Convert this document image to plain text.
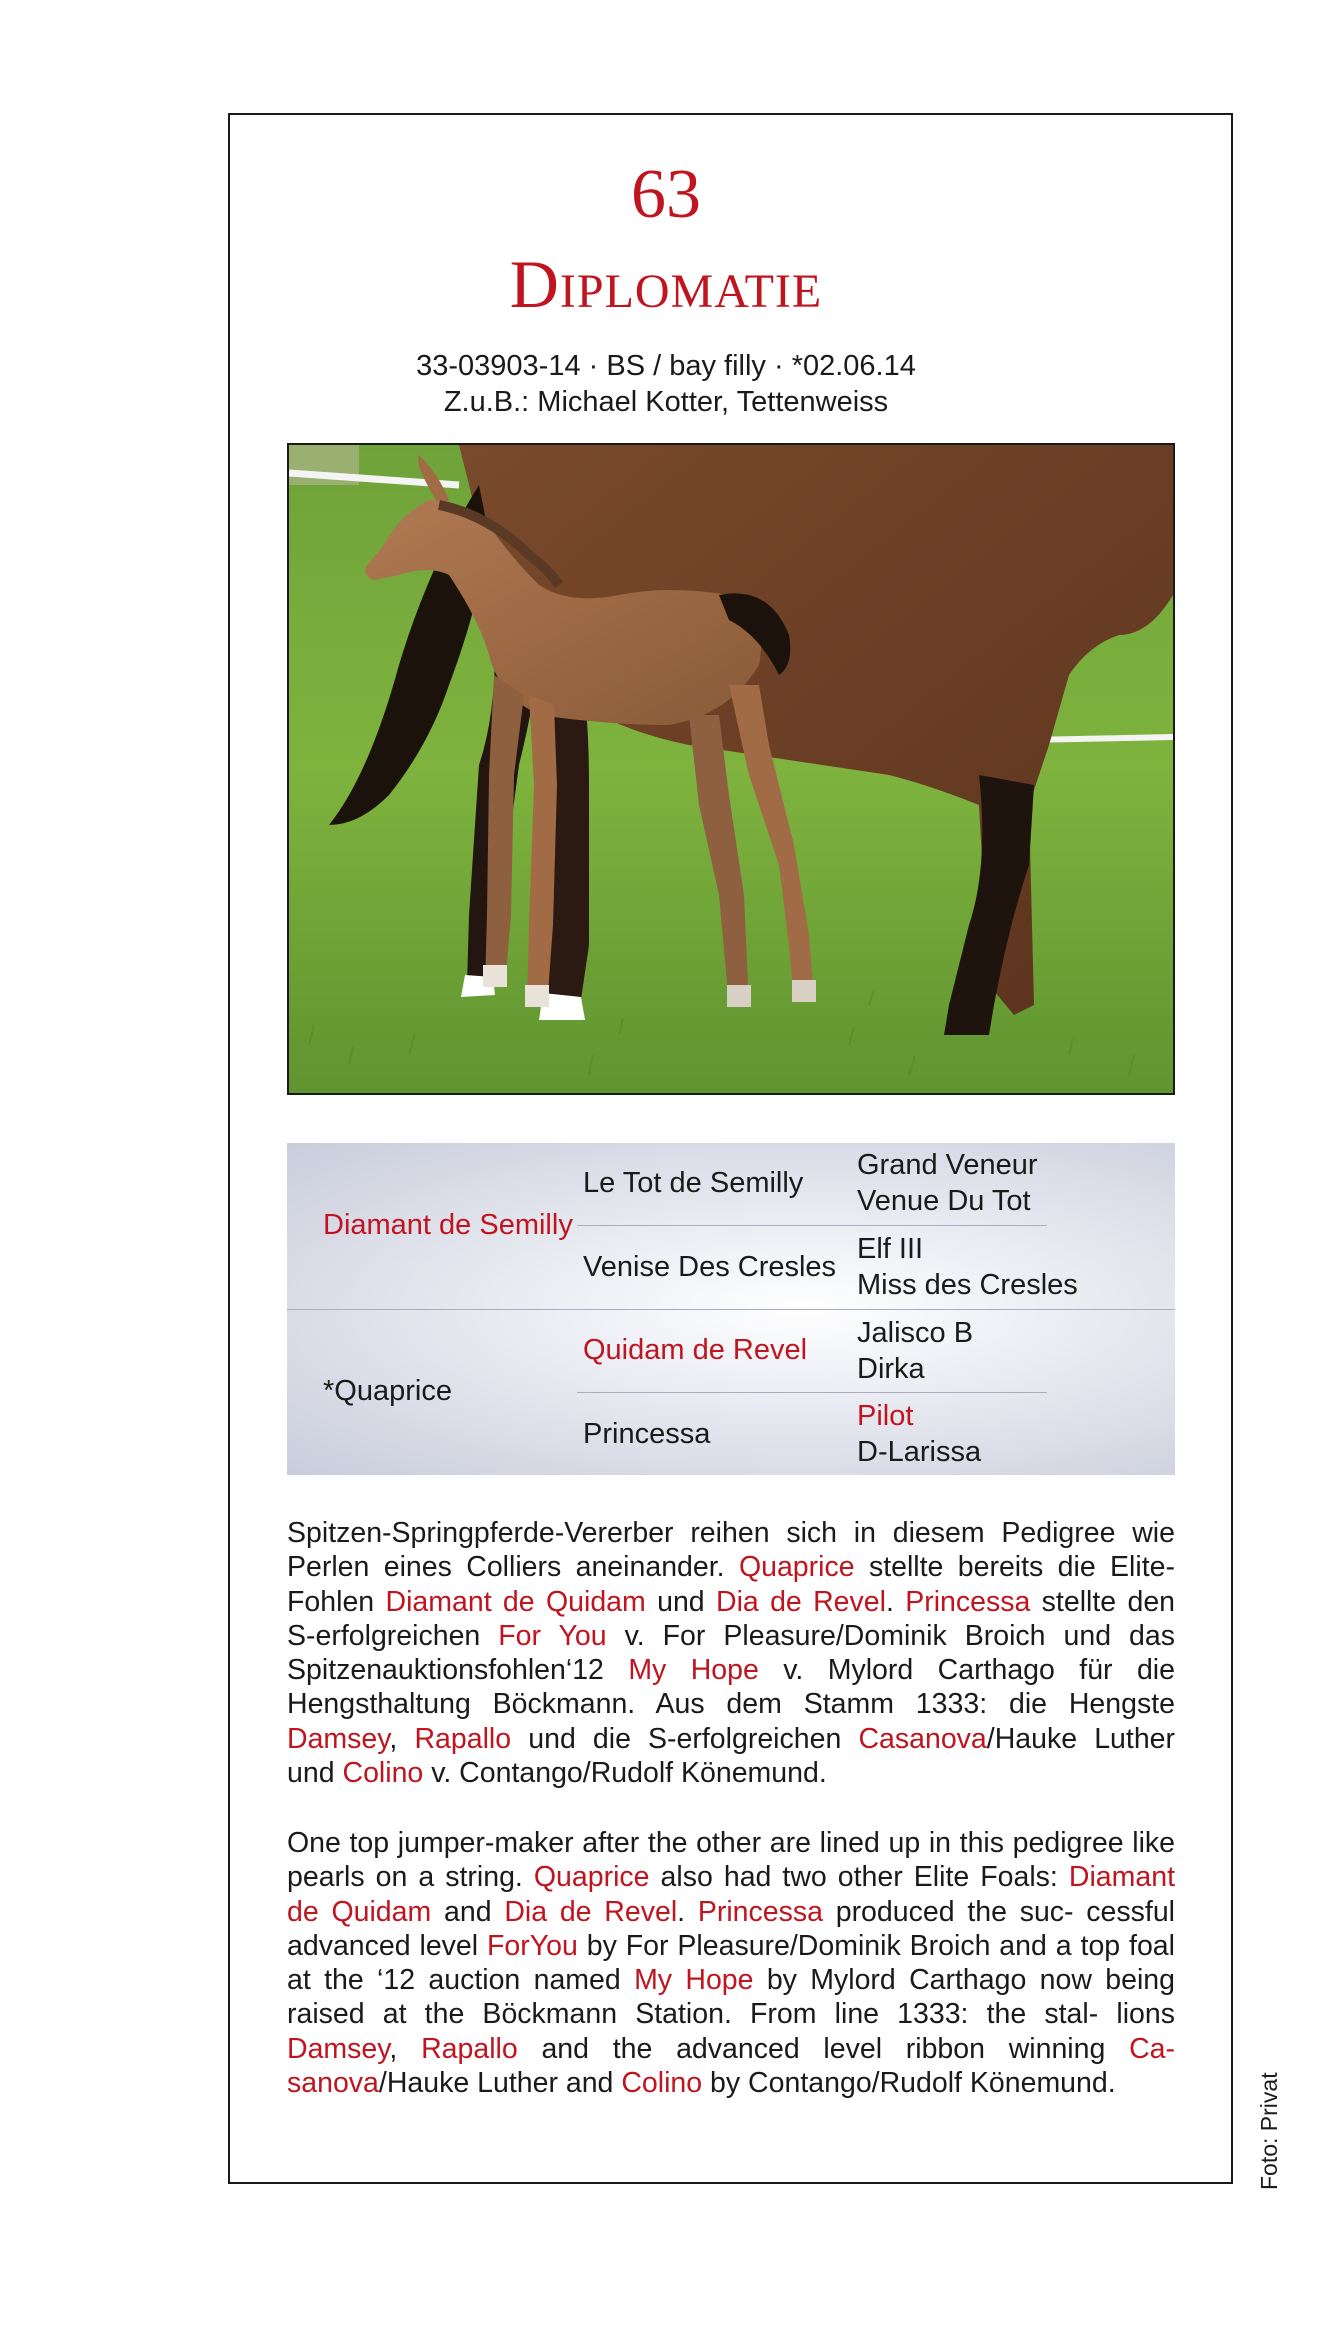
63
Diplomatie
33-03903-14 · BS / bay filly · *02.06.14
Z.u.B.: Michael Kotter, Tettenweiss
Diamant de Semilly
Le Tot de Semilly
Grand Veneur
Venue Du Tot
Venise Des Cresles
Elf III
Miss des Cresles
*Quaprice
Quidam de Revel
Jalisco B
Dirka
Princessa
Pilot
D-Larissa

Spitzen-Springpferde-Vererber reihen sich in diesem Pedigree wie Perlen eines Colliers aneinander. Quaprice stellte bereits die Elite- Fohlen Diamant de Quidam und Dia de Revel. Princessa stellte den S-erfolgreichen For You v. For Pleasure/Dominik Broich und das Spitzenauktionsfohlen‘12 My Hope v. Mylord Carthago für die Hengsthaltung Böckmann. Aus dem Stamm 1333: die Hengste Damsey, Rapallo und die S-erfolgreichen Casanova/Hauke Luther und Colino v. Contango/Rudolf Könemund.

One top jumper-maker after the other are lined up in this pedigree like pearls on a string. Quaprice also had two other Elite Foals: Diamant de Quidam and Dia de Revel. Princessa produced the suc- cessful advanced level ForYou by For Pleasure/Dominik Broich and a top foal at the ‘12 auction named My Hope by Mylord Carthago now being raised at the Böckmann Station. From line 1333: the stal- lions Damsey, Rapallo and the advanced level ribbon winning Ca-sanova/Hauke Luther and Colino by Contango/Rudolf Könemund.	Foto: Privat
